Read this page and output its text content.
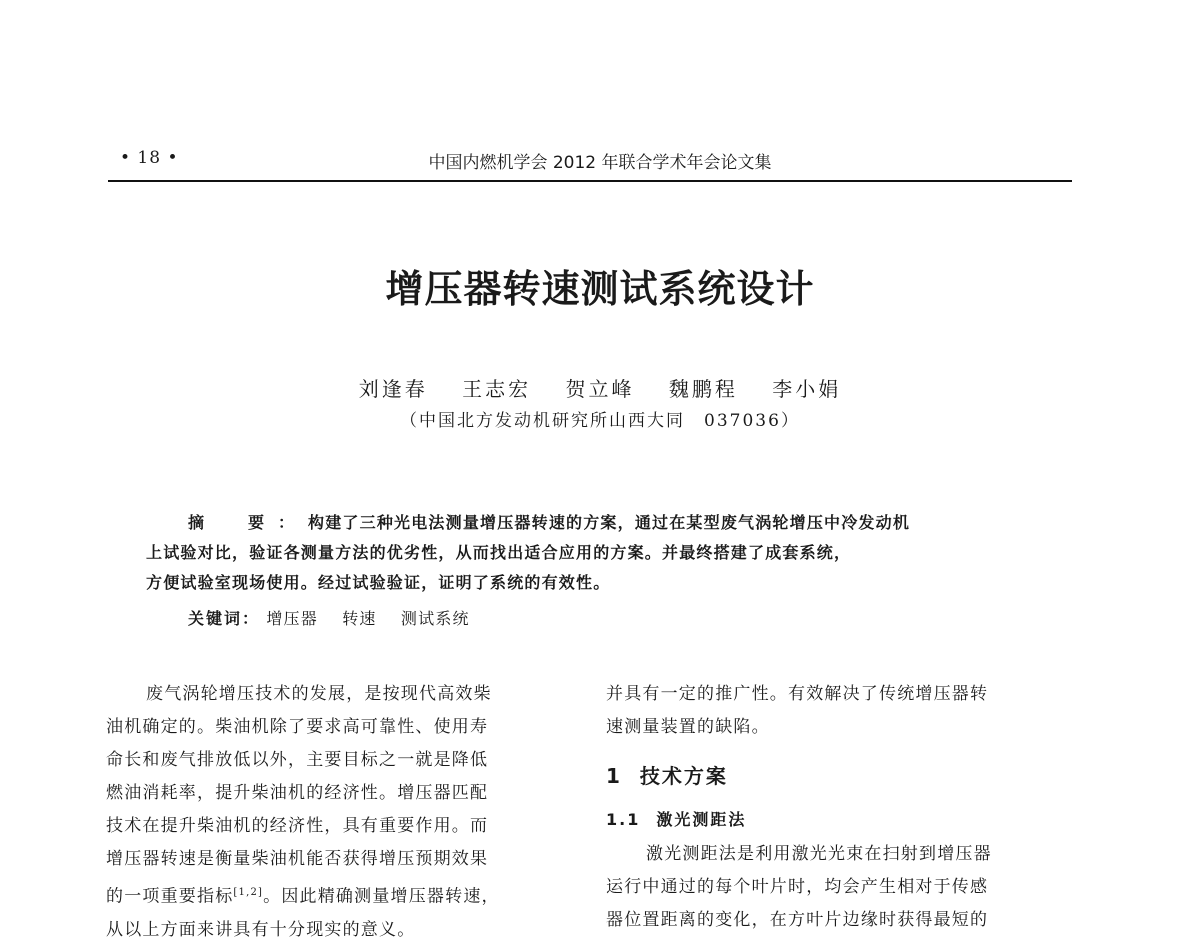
• 18 •	中国内燃机学会 2012 年联合学术年会论文集
增压器转速测试系统设计
刘逢春 王志宏 贺立峰 魏鹏程 李小娟
（中国北方发动机研究所山西大同　037036）
摘　要：构建了三种光电法测量增压器转速的方案，通过在某型废气涡轮增压中冷发动机
上试验对比，验证各测量方法的优劣性，从而找出适合应用的方案。并最终搭建了成套系统，
方便试验室现场使用。经过试验验证，证明了系统的有效性。
关键词： 增压器 转速 测试系统
废气涡轮增压技术的发展，是按现代高效柴
油机确定的。柴油机除了要求高可靠性、使用寿
命长和废气排放低以外，主要目标之一就是降低
燃油消耗率，提升柴油机的经济性。增压器匹配
技术在提升柴油机的经济性，具有重要作用。而
增压器转速是衡量柴油机能否获得增压预期效果
的一项重要指标[1,2]。因此精确测量增压器转速，
从以上方面来讲具有十分现实的意义。
并具有一定的推广性。有效解决了传统增压器转
速测量装置的缺陷。
1 技术方案
1.1 激光测距法
激光测距法是利用激光光束在扫射到增压器
运行中通过的每个叶片时，均会产生相对于传感
器位置距离的变化，在方叶片边缘时获得最短的
